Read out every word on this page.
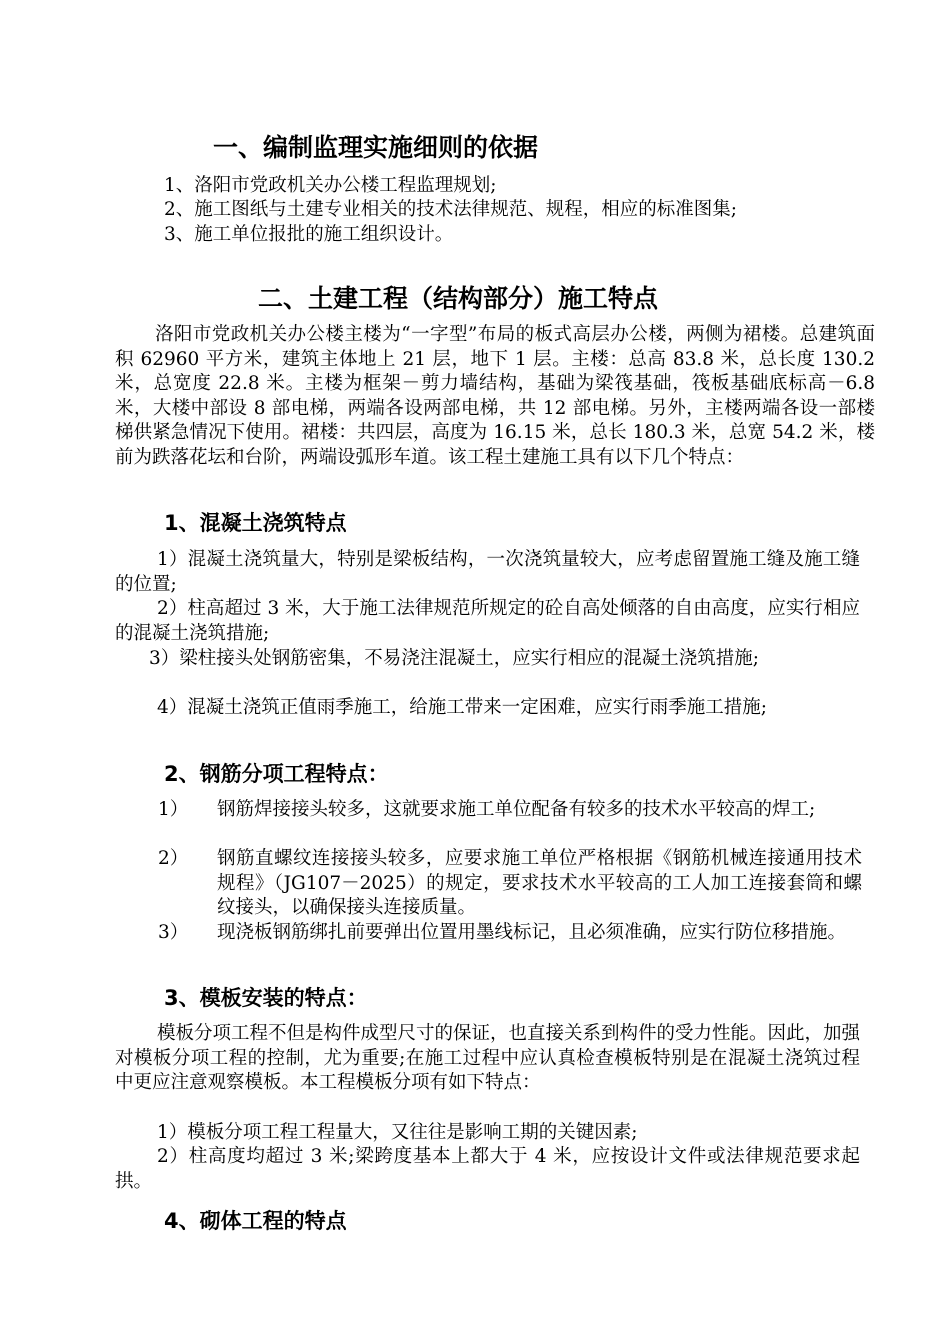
一、编制监理实施细则的依据
1、洛阳市党政机关办公楼工程监理规划;
2、施工图纸与土建专业相关的技术法律规范、规程，相应的标准图集;
3、施工单位报批的施工组织设计。
二、土建工程（结构部分）施工特点
洛阳市党政机关办公楼主楼为“一字型”布局的板式高层办公楼，两侧为裙楼。总建筑面积 62960 平方米，建筑主体地上 21 层，地下 1 层。主楼：总高 83.8 米，总长度 130.2 米，总宽度 22.8 米。主楼为框架－剪力墙结构，基础为梁筏基础，筏板基础底标高－6.8 米，大楼中部设 8 部电梯，两端各设两部电梯，共 12 部电梯。另外，主楼两端各设一部楼梯供紧急情况下使用。裙楼：共四层，高度为 16.15 米，总长 180.3 米，总宽 54.2 米，楼前为跌落花坛和台阶，两端设弧形车道。该工程土建施工具有以下几个特点：
1、混凝土浇筑特点
1）混凝土浇筑量大，特别是梁板结构，一次浇筑量较大，应考虑留置施工缝及施工缝的位置;
2）柱高超过 3 米，大于施工法律规范所规定的砼自高处倾落的自由高度，应实行相应的混凝土浇筑措施;
3）梁柱接头处钢筋密集，不易浇注混凝土，应实行相应的混凝土浇筑措施;
4）混凝土浇筑正值雨季施工，给施工带来一定困难，应实行雨季施工措施;
2、钢筋分项工程特点：
1） 钢筋焊接接头较多，这就要求施工单位配备有较多的技术水平较高的焊工;
2） 钢筋直螺纹连接接头较多，应要求施工单位严格根据《钢筋机械连接通用技术规程》（JG107－2025）的规定，要求技术水平较高的工人加工连接套筒和螺纹接头，以确保接头连接质量。
3） 现浇板钢筋绑扎前要弹出位置用墨线标记，且必须准确，应实行防位移措施。
3、模板安装的特点：
模板分项工程不但是构件成型尺寸的保证，也直接关系到构件的受力性能。因此，加强对模板分项工程的控制，尤为重要;在施工过程中应认真检查模板特别是在混凝土浇筑过程中更应注意观察模板。本工程模板分项有如下特点：
1）模板分项工程工程量大，又往往是影响工期的关键因素;
2）柱高度均超过 3 米;梁跨度基本上都大于 4 米，应按设计文件或法律规范要求起拱。
4、砌体工程的特点
